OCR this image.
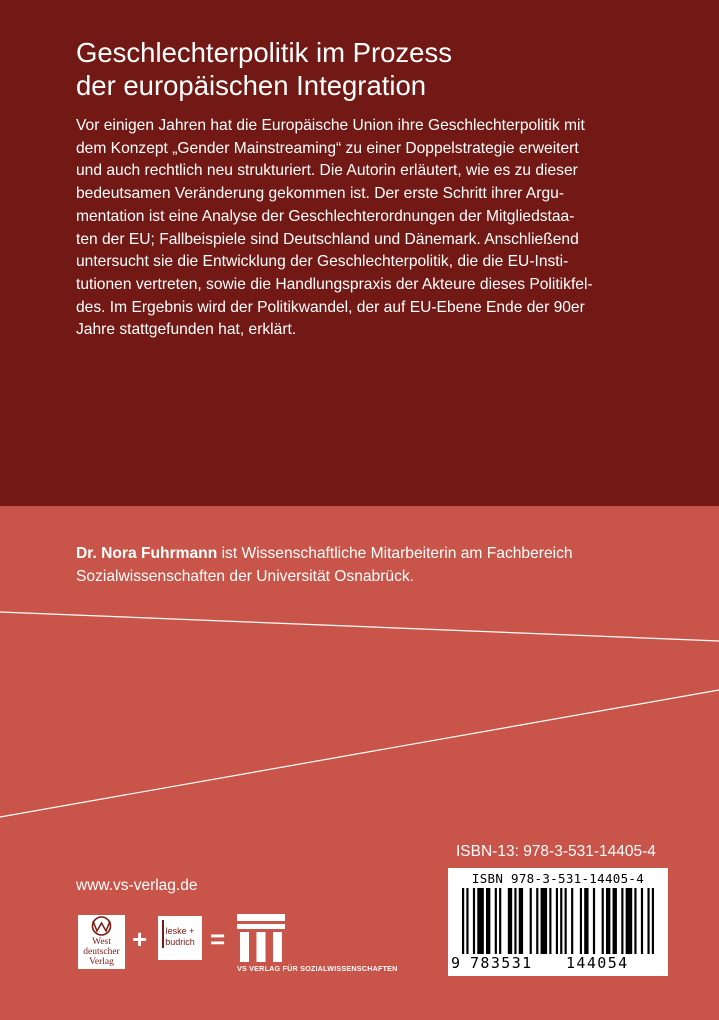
Geschlechterpolitik im Prozess
der europäischen Integration
Vor einigen Jahren hat die Europäische Union ihre Geschlechterpolitik mit
dem Konzept „Gender Mainstreaming“ zu einer Doppelstrategie erweitert
und auch rechtlich neu strukturiert. Die Autorin erläutert, wie es zu dieser
bedeutsamen Veränderung gekommen ist. Der erste Schritt ihrer Argu-
mentation ist eine Analyse der Geschlechterordnungen der Mitgliedstaa-
ten der EU; Fallbeispiele sind Deutschland und Dänemark. Anschließend
untersucht sie die Entwicklung der Geschlechterpolitik, die die EU-Insti-
tutionen vertreten, sowie die Handlungspraxis der Akteure dieses Politikfel-
des. Im Ergebnis wird der Politikwandel, der auf EU-Ebene Ende der 90er
Jahre stattgefunden hat, erklärt.
Dr. Nora Fuhrmann ist Wissenschaftliche Mitarbeiterin am Fachbereich
Sozialwissenschaften der Universität Osnabrück.
ISBN-13: 978-3-531-14405-4
ISBN 978-3-531-14405-4
9 783531 144054
www.vs-verlag.de
West
deutscher
Verlag
+	leske +
budrich =
VS VERLAG FÜR SOZIALWISSENSCHAFTEN
